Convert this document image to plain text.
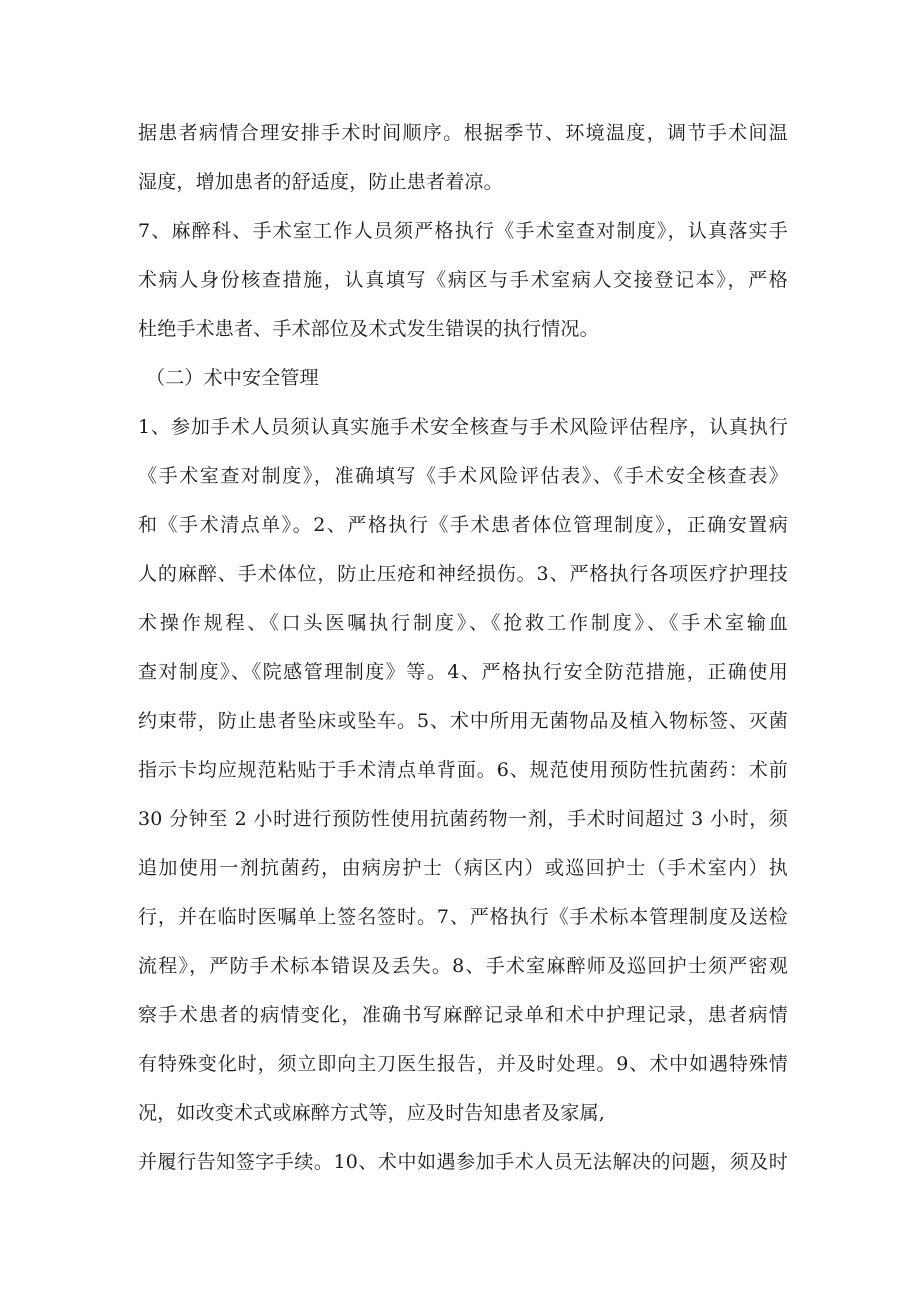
据患者病情合理安排手术时间顺序。根据季节、环境温度，调节手术间温
湿度，增加患者的舒适度，防止患者着凉。
7、麻醉科、手术室工作人员须严格执行《手术室查对制度》，认真落实手
术病人身份核查措施，认真填写《病区与手术室病人交接登记本》，严格
杜绝手术患者、手术部位及术式发生错误的执行情况。
（二）术中安全管理
1、参加手术人员须认真实施手术安全核查与手术风险评估程序，认真执行
《手术室查对制度》，准确填写《手术风险评估表》、《手术安全核查表》
和《手术清点单》。2、严格执行《手术患者体位管理制度》，正确安置病
人的麻醉、手术体位，防止压疮和神经损伤。3、严格执行各项医疗护理技
术操作规程、《口头医嘱执行制度》、《抢救工作制度》、《手术室输血
查对制度》、《院感管理制度》等。4、严格执行安全防范措施，正确使用
约束带，防止患者坠床或坠车。5、术中所用无菌物品及植入物标签、灭菌
指示卡均应规范粘贴于手术清点单背面。6、规范使用预防性抗菌药：术前
30 分钟至 2 小时进行预防性使用抗菌药物一剂，手术时间超过 3 小时，须
追加使用一剂抗菌药，由病房护士（病区内）或巡回护士（手术室内）执
行，并在临时医嘱单上签名签时。7、严格执行《手术标本管理制度及送检
流程》，严防手术标本错误及丢失。8、手术室麻醉师及巡回护士须严密观
察手术患者的病情变化，准确书写麻醉记录单和术中护理记录，患者病情
有特殊变化时，须立即向主刀医生报告，并及时处理。9、术中如遇特殊情
况，如改变术式或麻醉方式等，应及时告知患者及家属,
并履行告知签字手续。10、术中如遇参加手术人员无法解决的问题，须及时
